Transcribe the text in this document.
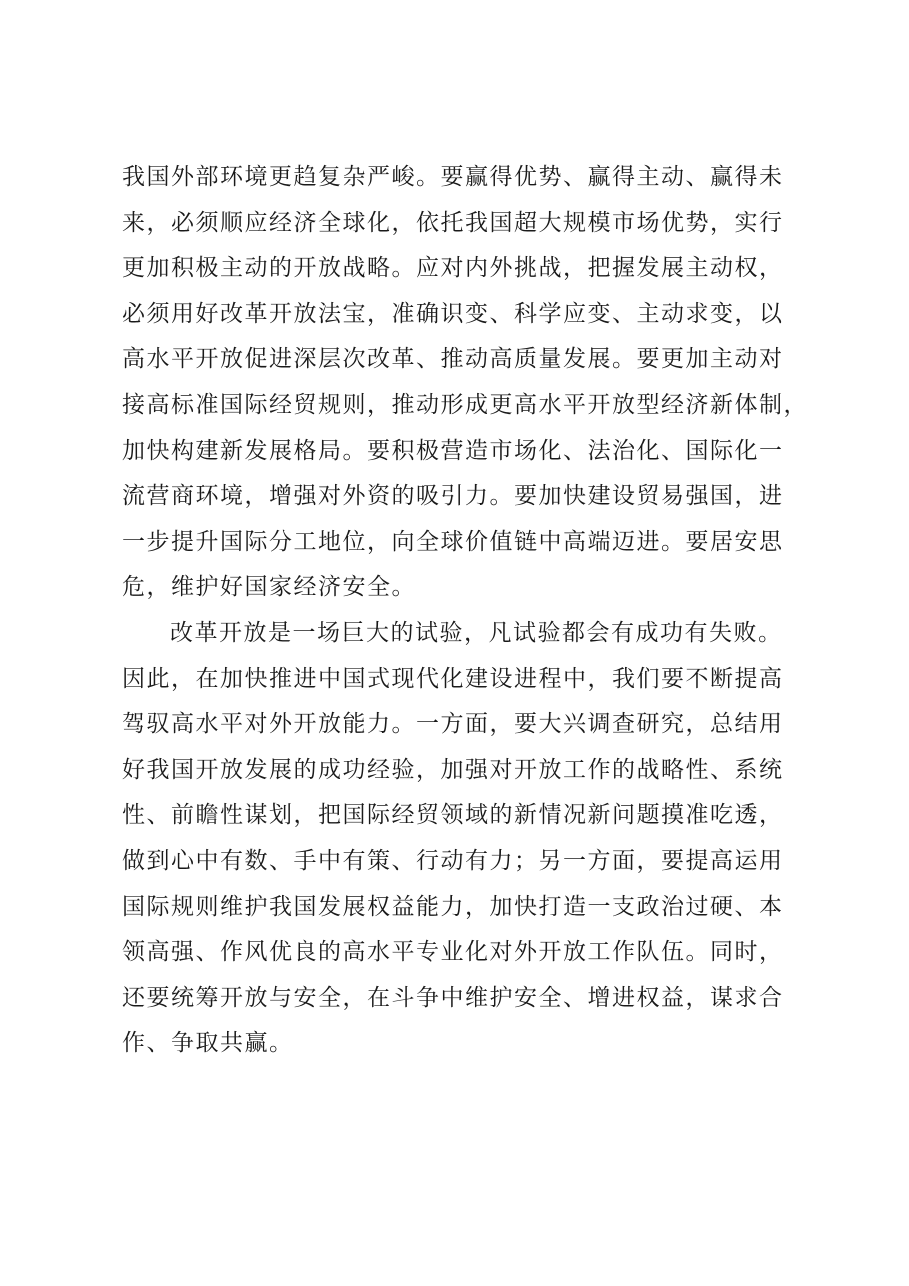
我国外部环境更趋复杂严峻。要赢得优势、赢得主动、赢得未
来，必须顺应经济全球化，依托我国超大规模市场优势，实行
更加积极主动的开放战略。应对内外挑战，把握发展主动权，
必须用好改革开放法宝，准确识变、科学应变、主动求变，以
高水平开放促进深层次改革、推动高质量发展。要更加主动对
接高标准国际经贸规则，推动形成更高水平开放型经济新体制，
加快构建新发展格局。要积极营造市场化、法治化、国际化一
流营商环境，增强对外资的吸引力。要加快建设贸易强国，进
一步提升国际分工地位，向全球价值链中高端迈进。要居安思
危，维护好国家经济安全。
改革开放是一场巨大的试验，凡试验都会有成功有失败。
因此，在加快推进中国式现代化建设进程中，我们要不断提高
驾驭高水平对外开放能力。一方面，要大兴调查研究，总结用
好我国开放发展的成功经验，加强对开放工作的战略性、系统
性、前瞻性谋划，把国际经贸领域的新情况新问题摸准吃透，
做到心中有数、手中有策、行动有力；另一方面，要提高运用
国际规则维护我国发展权益能力，加快打造一支政治过硬、本
领高强、作风优良的高水平专业化对外开放工作队伍。同时，
还要统筹开放与安全，在斗争中维护安全、增进权益，谋求合
作、争取共赢。
